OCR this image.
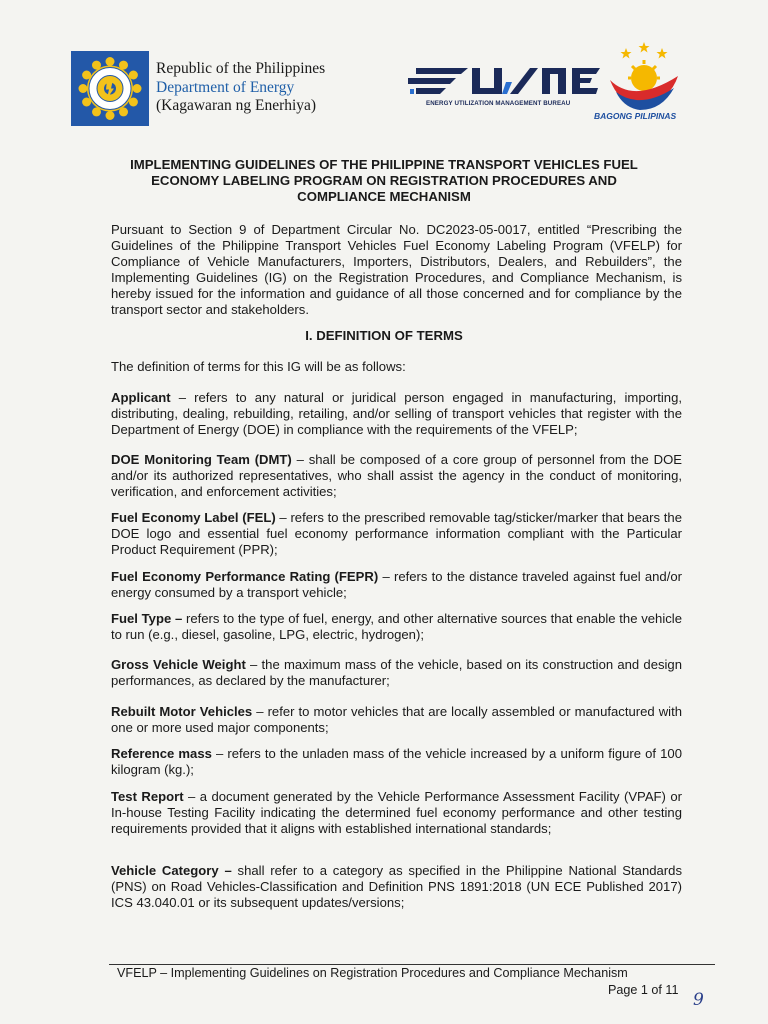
Republic of the Philippines
Department of Energy
(Kagawaran ng Enerhiya)	ENERGY UTILIZATION MANAGEMENT BUREAU
BAGONG PILIPINAS
IMPLEMENTING GUIDELINES OF THE PHILIPPINE TRANSPORT VEHICLES FUEL
ECONOMY LABELING PROGRAM ON REGISTRATION PROCEDURES AND
COMPLIANCE MECHANISM

Pursuant to Section 9 of Department Circular No. DC2023-05-0017, entitled “Prescribing the Guidelines of the Philippine Transport Vehicles Fuel Economy Labeling Program (VFELP) for Compliance of Vehicle Manufacturers, Importers, Distributors, Dealers, and Rebuilders”, the Implementing Guidelines (IG) on the Registration Procedures, and Compliance Mechanism, is hereby issued for the information and guidance of all those concerned and for compliance by the transport sector and stakeholders.

I. DEFINITION OF TERMS

The definition of terms for this IG will be as follows:

Applicant – refers to any natural or juridical person engaged in manufacturing, importing, distributing, dealing, rebuilding, retailing, and/or selling of transport vehicles that register with the Department of Energy (DOE) in compliance with the requirements of the VFELP;

DOE Monitoring Team (DMT) – shall be composed of a core group of personnel from the DOE and/or its authorized representatives, who shall assist the agency in the conduct of monitoring, verification, and enforcement activities;

Fuel Economy Label (FEL) – refers to the prescribed removable tag/sticker/marker that bears the DOE logo and essential fuel economy performance information compliant with the Particular Product Requirement (PPR);

Fuel Economy Performance Rating (FEPR) – refers to the distance traveled against fuel and/or energy consumed by a transport vehicle;

Fuel Type – refers to the type of fuel, energy, and other alternative sources that enable the vehicle to run (e.g., diesel, gasoline, LPG, electric, hydrogen);

Gross Vehicle Weight – the maximum mass of the vehicle, based on its construction and design performances, as declared by the manufacturer;

Rebuilt Motor Vehicles – refer to motor vehicles that are locally assembled or manufactured with one or more used major components;

Reference mass – refers to the unladen mass of the vehicle increased by a uniform figure of 100 kilogram (kg.);

Test Report – a document generated by the Vehicle Performance Assessment Facility (VPAF) or In-house Testing Facility indicating the determined fuel economy performance and other testing requirements provided that it aligns with established international standards;

Vehicle Category – shall refer to a category as specified in the Philippine National Standards (PNS) on Road Vehicles-Classification and Definition PNS 1891:2018 (UN ECE Published 2017) ICS 43.040.01 or its subsequent updates/versions;

VFELP – Implementing Guidelines on Registration Procedures and Compliance Mechanism
Page 1 of 11 9
